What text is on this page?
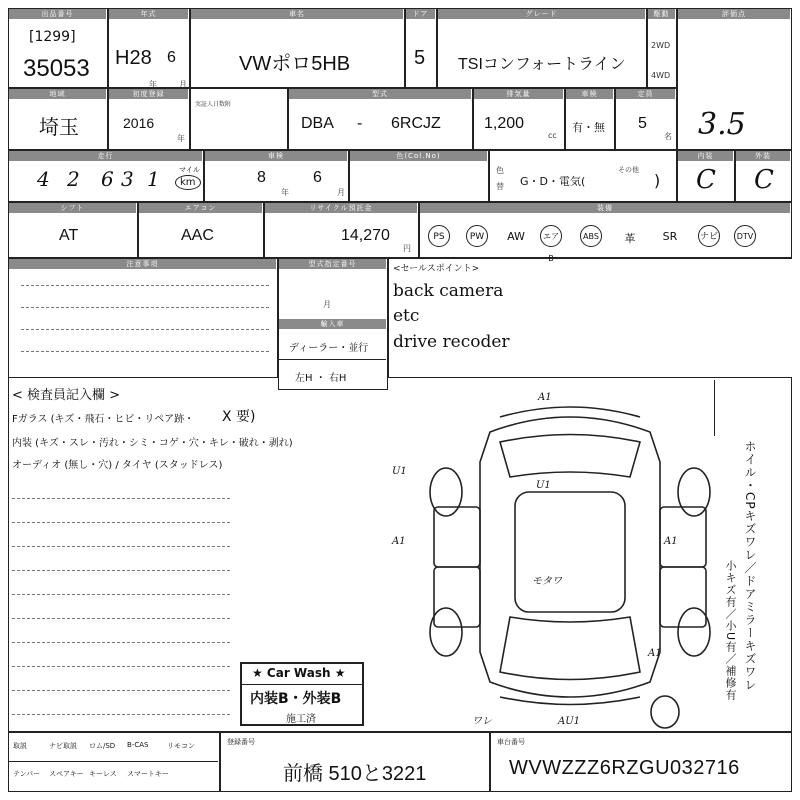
出品番号
[1299]
35053
年式
H28 6
年	月
車名
VWポロ5HB
ドア
5
グレード
TSIコンフォートライン
駆動
2WD
4WD
評価点
3.5
地域
埼玉
初度登録
2016
年
実証人日数附
型式
DBA - 6RCJZ
排気量
1,200
cc
車検
有・無
定員
5
名
走行
4 2 6 3 1	マイル
km
車検
8
年
6
月
色(Col.No)
色
替
その他
G・D・電気(	)
内装
C
外装
C
シフト
AT
エアコン
AAC
リサイクル預託金
14,270
円
装備
PS	PW	AW	エアB
ABS	革	SR	ナビ	DTV
注意事項	型式指定番号
月
輸入車
ディーラー・並行
左H ・ 右H
<セールスポイント>
back camera
etc
drive recoder
< 検査員記入欄 >
Fガラス (キズ・飛石・ヒビ・リペア跡・ X 要)
内装 (キズ・スレ・汚れ・シミ・コゲ・穴・キレ・破れ・剥れ)
オーディオ (無し・穴) / タイヤ (スタッドレス)
★ Car Wash ★
内装B・外装B
施工済
A1
U1
U1
A1	A1
A1
AU1
ワレ
モタワ	ホイル・CPキズワレ／ドアミラーキズワレ
小キズ有／小U有／補修有
取説	ナビ取説 ロム/SD B-CAS	リモコン
テンパー スペアキー キーレス スマートキー
登録番号
前橋 510と3221
車台番号
WVWZZZ6RZGU032716
